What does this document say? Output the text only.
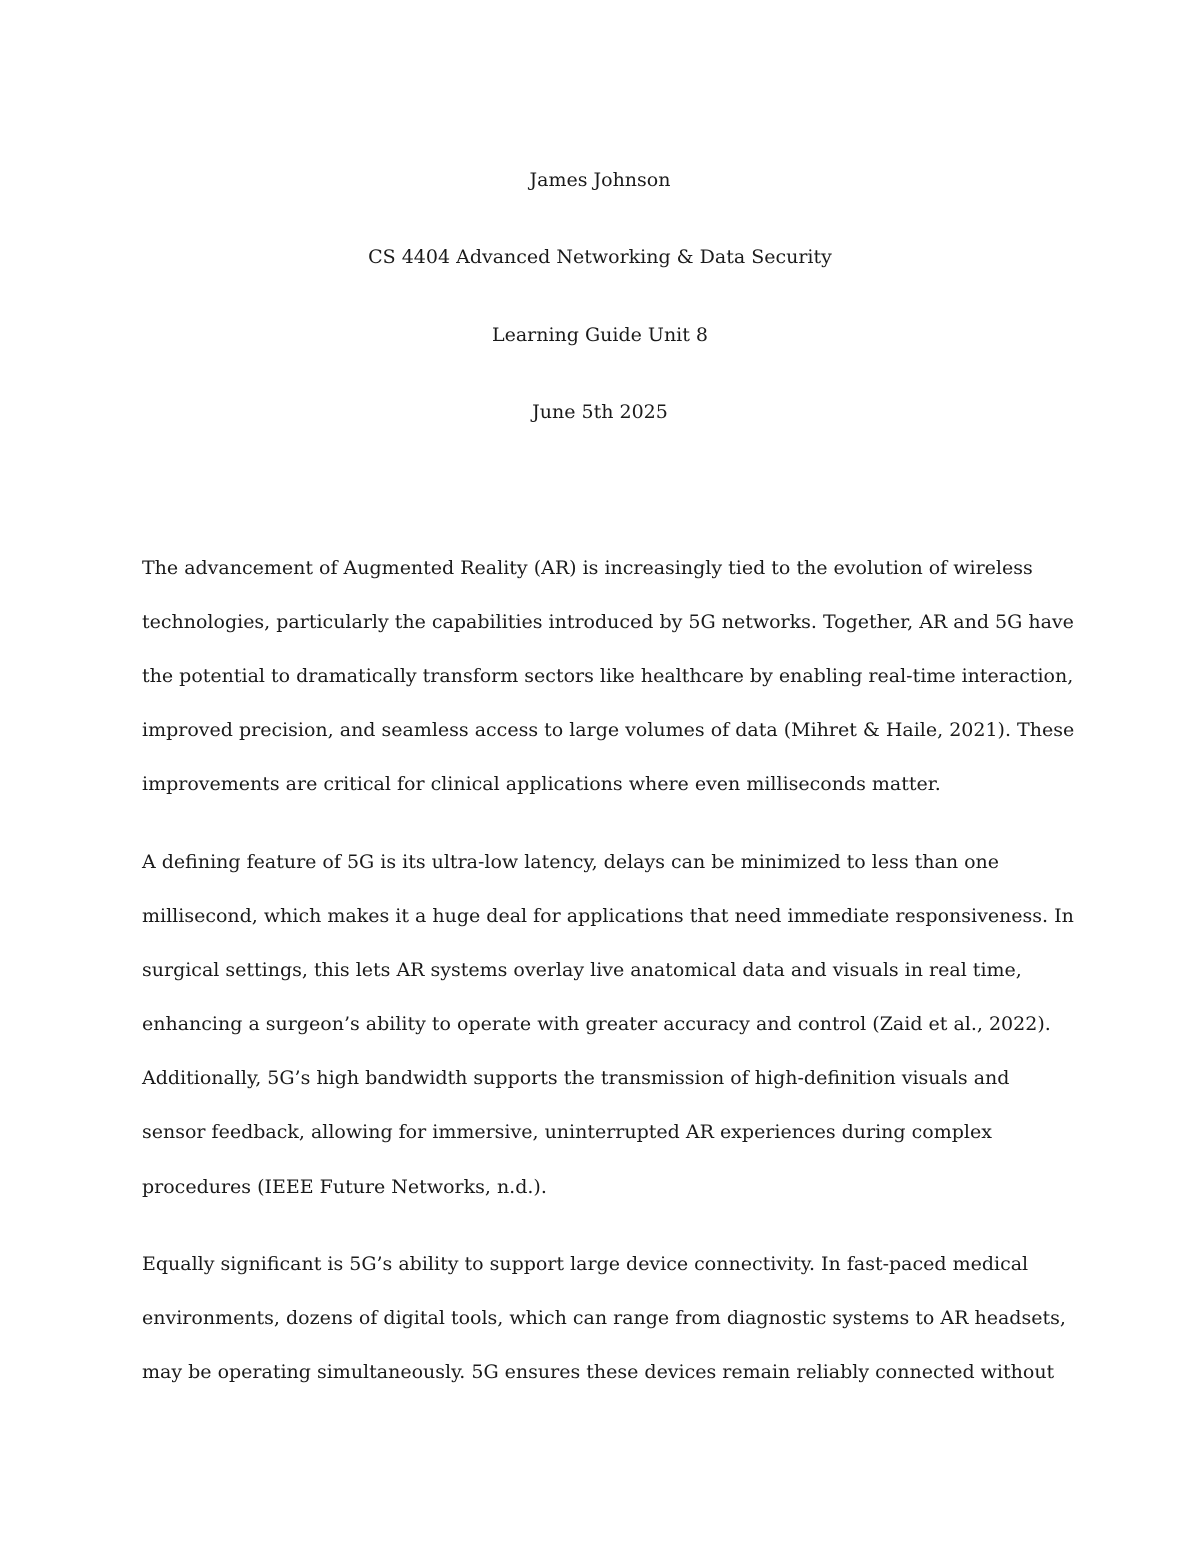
James Johnson
CS 4404 Advanced Networking & Data Security
Learning Guide Unit 8
June 5th 2025
The advancement of Augmented Reality (AR) is increasingly tied to the evolution of wireless
technologies, particularly the capabilities introduced by 5G networks. Together, AR and 5G have
the potential to dramatically transform sectors like healthcare by enabling real-time interaction,
improved precision, and seamless access to large volumes of data (Mihret & Haile, 2021). These
improvements are critical for clinical applications where even milliseconds matter.
A defining feature of 5G is its ultra-low latency, delays can be minimized to less than one
millisecond, which makes it a huge deal for applications that need immediate responsiveness. In
surgical settings, this lets AR systems overlay live anatomical data and visuals in real time,
enhancing a surgeon’s ability to operate with greater accuracy and control (Zaid et al., 2022).
Additionally, 5G’s high bandwidth supports the transmission of high-definition visuals and
sensor feedback, allowing for immersive, uninterrupted AR experiences during complex
procedures (IEEE Future Networks, n.d.).
Equally significant is 5G’s ability to support large device connectivity. In fast-paced medical
environments, dozens of digital tools, which can range from diagnostic systems to AR headsets,
may be operating simultaneously. 5G ensures these devices remain reliably connected without
